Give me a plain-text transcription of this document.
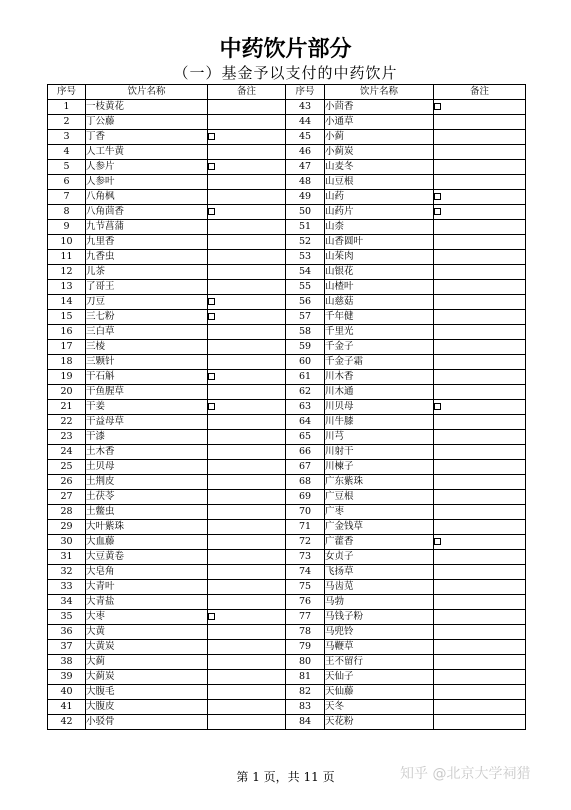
中药饮片部分
（一）基金予以支付的中药饮片
序号	饮片名称	备注	序号	饮片名称	备注
1	一枝黄花		43	小茴香	
2	丁公藤		44	小通草	
3	丁香		45	小蓟	
4	人工牛黄		46	小蓟炭	
5	人参片		47	山麦冬	
6	人参叶		48	山豆根	
7	八角枫		49	山药	
8	八角茴香		50	山药片	
9	九节菖蒲		51	山柰	
10	九里香		52	山香圆叶	
11	九香虫		53	山茱肉	
12	儿茶		54	山银花	
13	了哥王		55	山楂叶	
14	刀豆		56	山慈菇	
15	三七粉		57	千年健	
16	三白草		58	千里光	
17	三棱		59	千金子	
18	三颗针		60	千金子霜	
19	干石斛		61	川木香	
20	干鱼腥草		62	川木通	
21	干姜		63	川贝母	
22	干益母草		64	川牛膝	
23	干漆		65	川芎	
24	土木香		66	川射干	
25	土贝母		67	川楝子	
26	土荆皮		68	广东紫珠	
27	土茯苓		69	广豆根	
28	土鳖虫		70	广枣	
29	大叶紫珠		71	广金钱草	
30	大血藤		72	广藿香	
31	大豆黄卷		73	女贞子	
32	大皂角		74	飞扬草	
33	大青叶		75	马齿苋	
34	大青盐		76	马勃	
35	大枣		77	马钱子粉	
36	大黄		78	马兜铃	
37	大黄炭		79	马鞭草	
38	大蓟		80	王不留行	
39	大蓟炭		81	天仙子	
40	大腹毛		82	天仙藤	
41	大腹皮		83	天冬	
42	小驳骨		84	天花粉	
第 1 页，共 11 页	知乎 @北京大学祠猎
